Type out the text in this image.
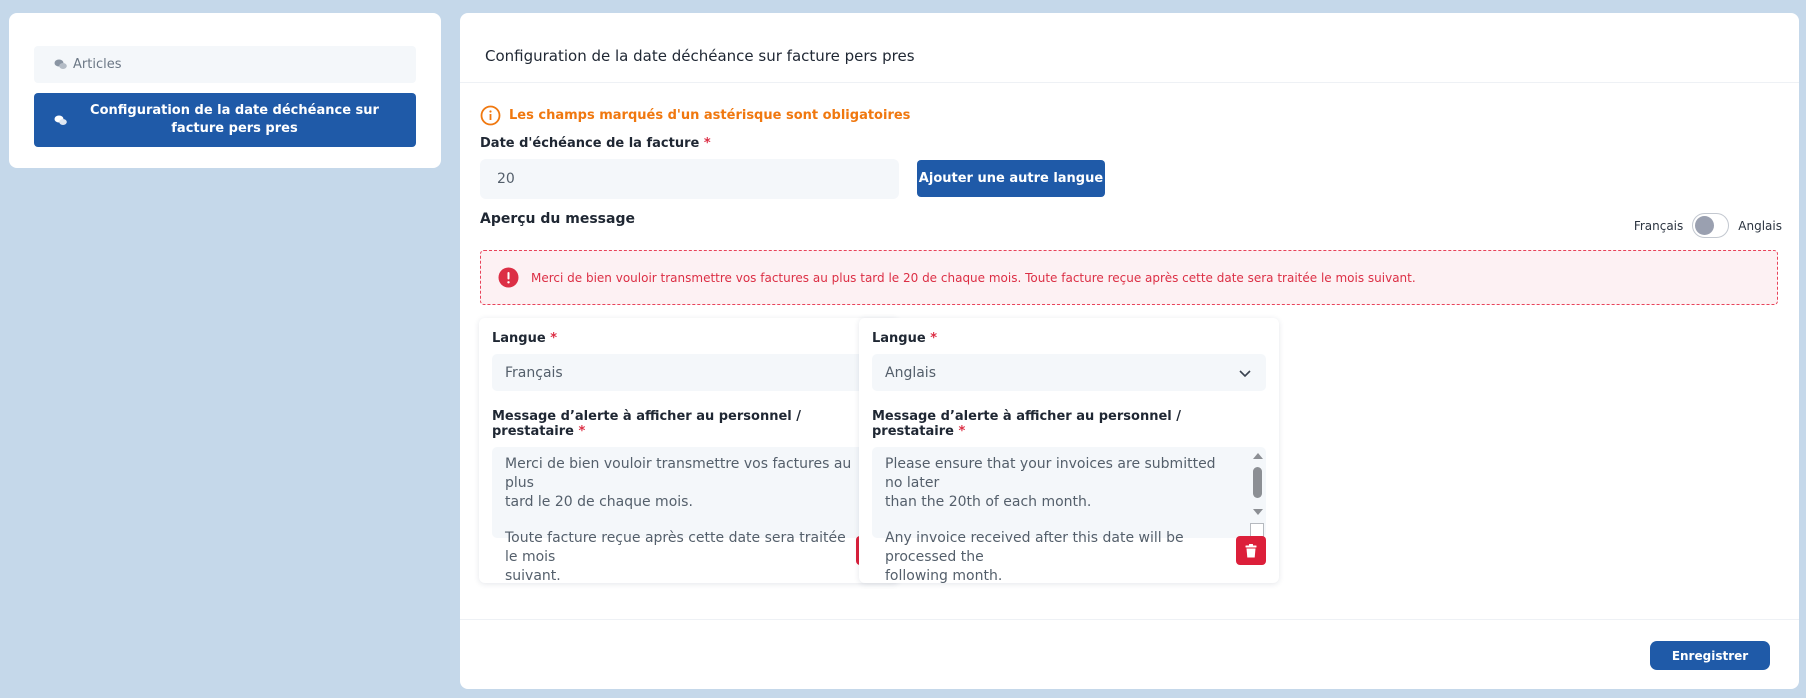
Articles
Configuration de la date déchéance sur facture pers pres
Configuration de la date déchéance sur facture pers pres
Les champs marqués d'un astérisque sont obligatoires
Date d'échéance de la facture *
20
Ajouter une autre langue
Aperçu du message	Français	Anglais
Merci de bien vouloir transmettre vos factures au plus tard le 20 de chaque mois. Toute facture reçue après cette date sera traitée le mois suivant.
Langue *
Français
Message d’alerte à afficher au personnel / prestataire *
Merci de bien vouloir transmettre vos factures au plus
tard le 20 de chaque mois.
Toute facture reçue après cette date sera traitée le mois
suivant.
Langue *
Anglais
Message d’alerte à afficher au personnel / prestataire *
Please ensure that your invoices are submitted no later
than the 20th of each month.
Any invoice received after this date will be processed the
following month.
Enregistrer
